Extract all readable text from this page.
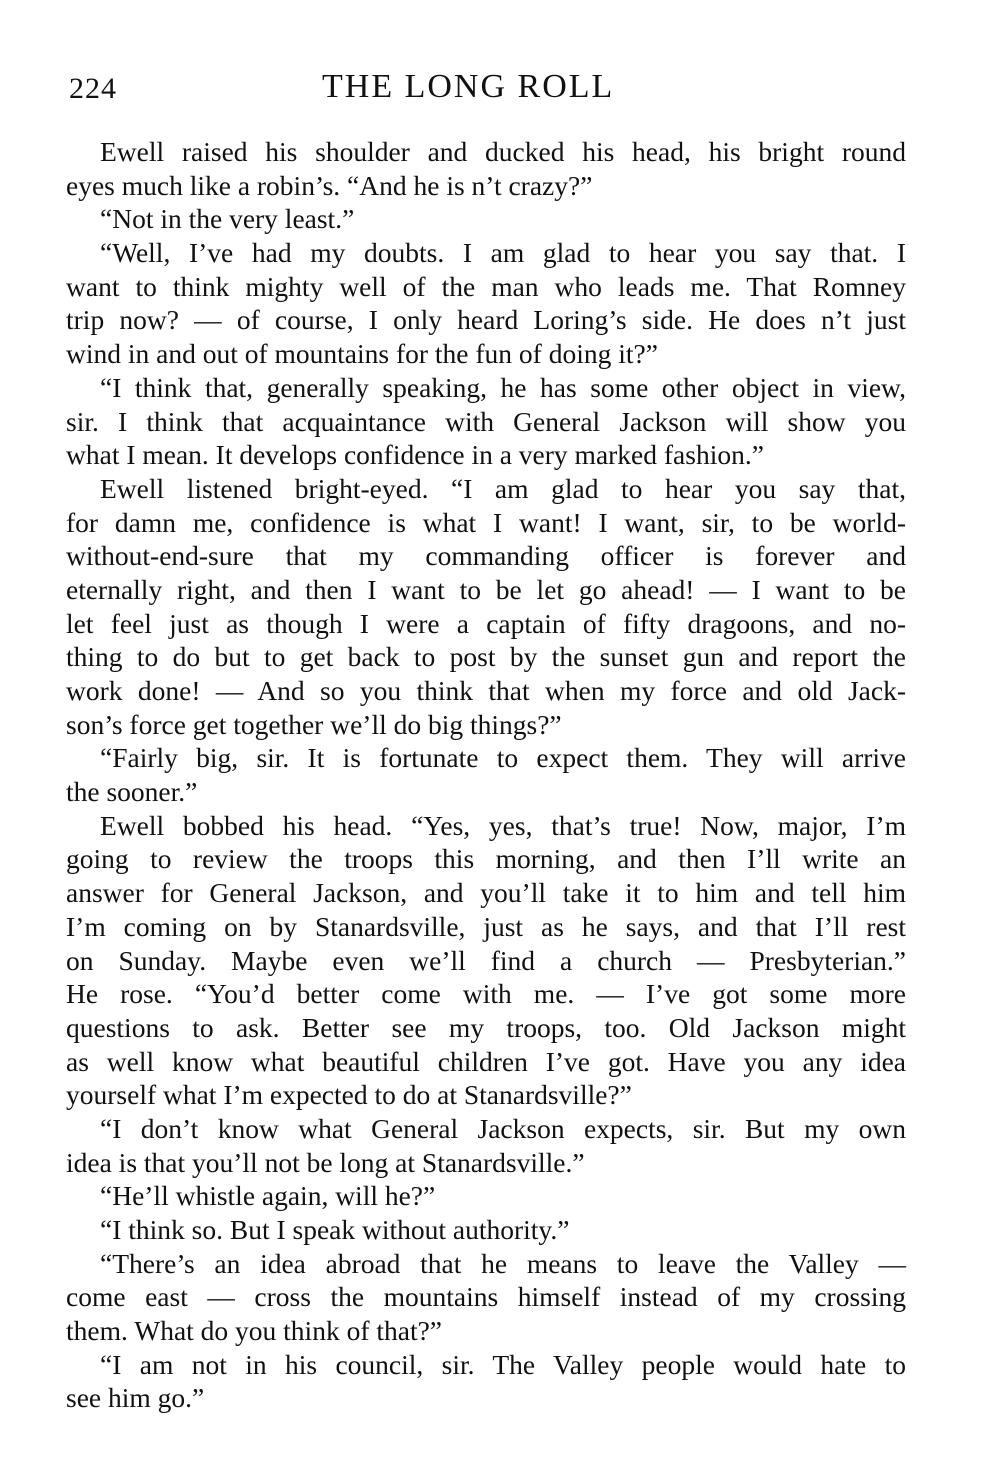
224	THE LONG ROLL
Ewell raised his shoulder and ducked his head, his bright round
eyes much like a robin’s. “And he is n’t crazy?”
“Not in the very least.”
“Well, I’ve had my doubts. I am glad to hear you say that. I
want to think mighty well of the man who leads me. That Romney
trip now? — of course, I only heard Loring’s side. He does n’t just
wind in and out of mountains for the fun of doing it?”
“I think that, generally speaking, he has some other object in view,
sir. I think that acquaintance with General Jackson will show you
what I mean. It develops confidence in a very marked fashion.”
Ewell listened bright-eyed. “I am glad to hear you say that,
for damn me, confidence is what I want! I want, sir, to be world-
without-end-sure that my commanding officer is forever and
eternally right, and then I want to be let go ahead! — I want to be
let feel just as though I were a captain of fifty dragoons, and no-
thing to do but to get back to post by the sunset gun and report the
work done! — And so you think that when my force and old Jack-
son’s force get together we’ll do big things?”
“Fairly big, sir. It is fortunate to expect them. They will arrive
the sooner.”
Ewell bobbed his head. “Yes, yes, that’s true! Now, major, I’m
going to review the troops this morning, and then I’ll write an
answer for General Jackson, and you’ll take it to him and tell him
I’m coming on by Stanardsville, just as he says, and that I’ll rest
on Sunday. Maybe even we’ll find a church — Presbyterian.”
He rose. “You’d better come with me. — I’ve got some more
questions to ask. Better see my troops, too. Old Jackson might
as well know what beautiful children I’ve got. Have you any idea
yourself what I’m expected to do at Stanardsville?”
“I don’t know what General Jackson expects, sir. But my own
idea is that you’ll not be long at Stanardsville.”
“He’ll whistle again, will he?”
“I think so. But I speak without authority.”
“There’s an idea abroad that he means to leave the Valley —
come east — cross the mountains himself instead of my crossing
them. What do you think of that?”
“I am not in his council, sir. The Valley people would hate to
see him go.”
